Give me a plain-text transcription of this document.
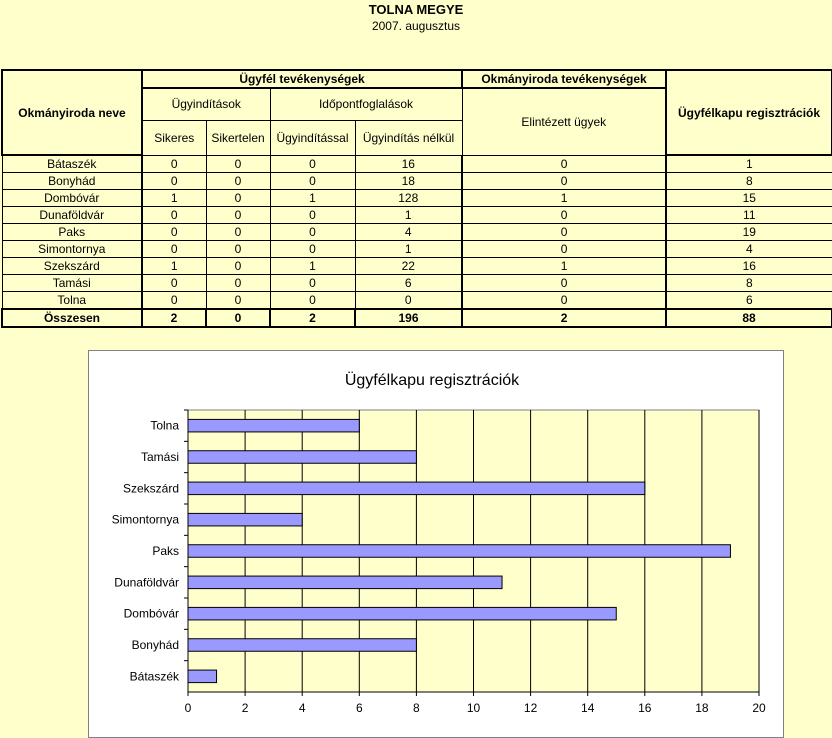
TOLNA MEGYE
2007. augusztus
Okmányiroda neve	Ügyfél tevékenységek				Okmányiroda tevékenységek	Ügyfélkapu regisztrációk
	Ügyindítások		Időpontfoglalások		Elintézett ügyek	
	Sikeres	Sikertelen	Ügyindítással	Ügyindítás nélkül		
Bátaszék	0	0	0	16	0	1
Bonyhád	0	0	0	18	0	8
Dombóvár	1	0	1	128	1	15
Dunaföldvár	0	0	0	1	0	11
Paks	0	0	0	4	0	19
Simontornya	0	0	0	1	0	4
Szekszárd	1	0	1	22	1	16
Tamási	0	0	0	6	0	8
Tolna	0	0	0	0	0	6
Összesen	2	0	2	196	2	88
Ügyfélkapu regisztrációk
0	2	4	6	8	10	12	14	16	18	20
Tolna
Tamási
Szekszárd
Simontornya
Paks
Dunaföldvár
Dombóvár
Bonyhád
Bátaszék
